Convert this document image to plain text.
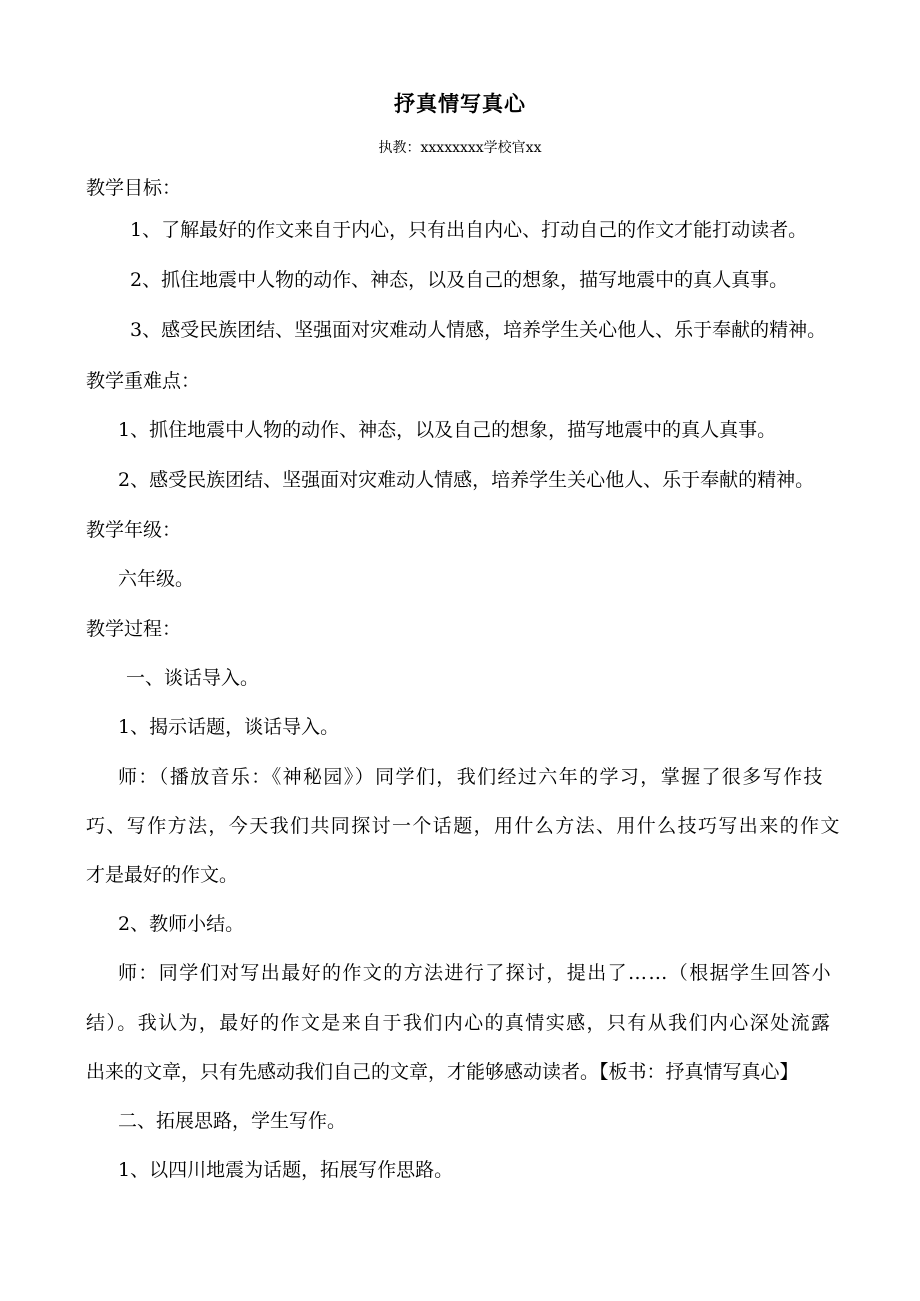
抒真情写真心
执教：xxxxxxxx学校官xx
教学目标：
1、了解最好的作文来自于内心，只有出自内心、打动自己的作文才能打动读者。
2、抓住地震中人物的动作、神态，以及自己的想象，描写地震中的真人真事。
3、感受民族团结、坚强面对灾难动人情感，培养学生关心他人、乐于奉献的精神。
教学重难点：
1、抓住地震中人物的动作、神态，以及自己的想象，描写地震中的真人真事。
2、感受民族团结、坚强面对灾难动人情感，培养学生关心他人、乐于奉献的精神。
教学年级：
六年级。
教学过程：
一、谈话导入。
1、揭示话题，谈话导入。
师：（播放音乐：《神秘园》）同学们，我们经过六年的学习，掌握了很多写作技
巧、写作方法，今天我们共同探讨一个话题，用什么方法、用什么技巧写出来的作文
才是最好的作文。
2、教师小结。
师：同学们对写出最好的作文的方法进行了探讨，提出了……（根据学生回答小
结）。我认为，最好的作文是来自于我们内心的真情实感，只有从我们内心深处流露
出来的文章，只有先感动我们自己的文章，才能够感动读者。【板书：抒真情写真心】
二、拓展思路，学生写作。
1、以四川地震为话题，拓展写作思路。
